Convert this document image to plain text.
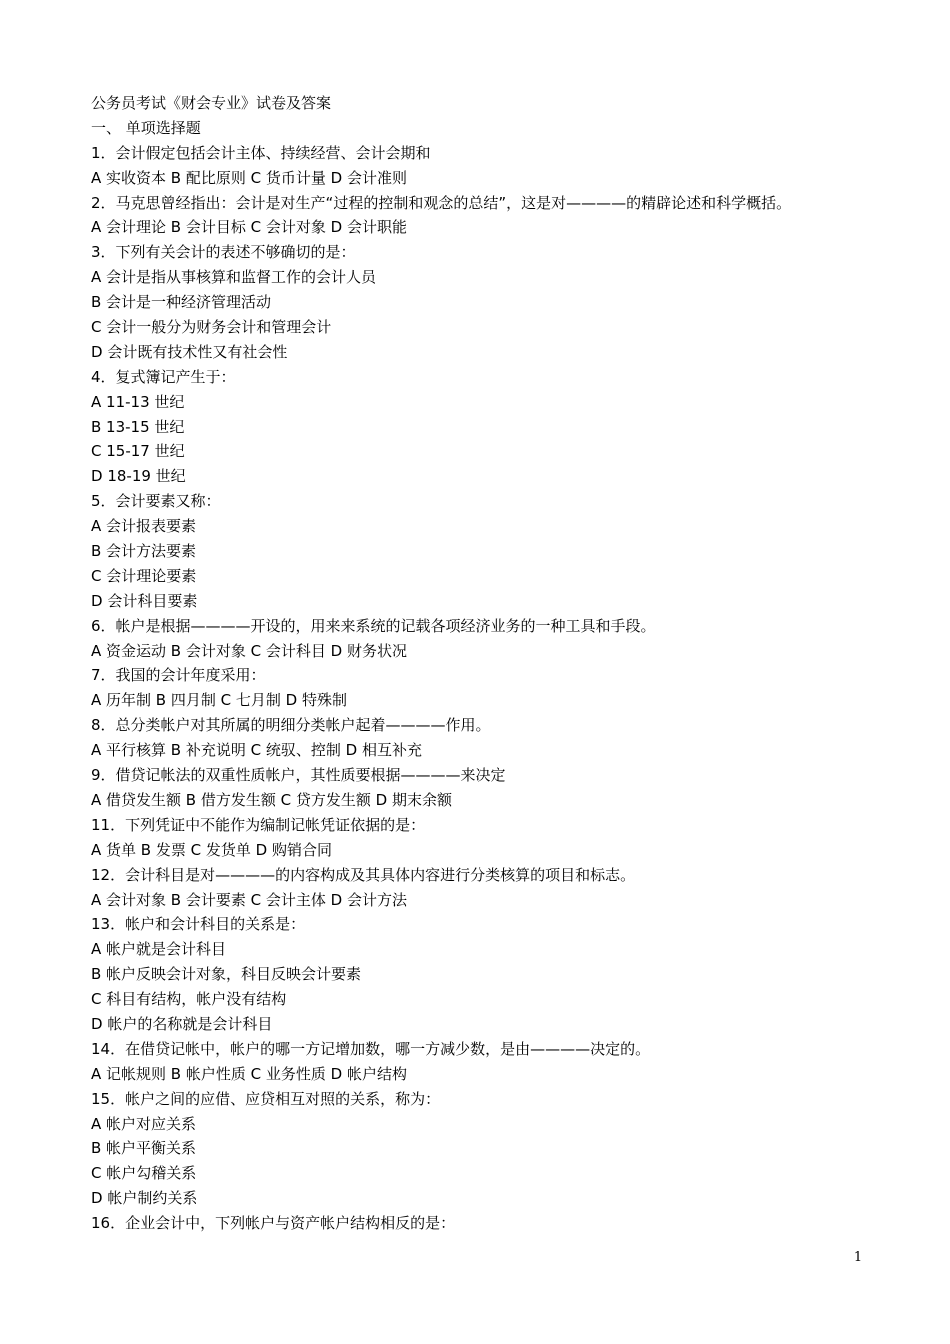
公务员考试《财会专业》试卷及答案
一、 单项选择题
1．会计假定包括会计主体、持续经营、会计会期和
A 实收资本 B 配比原则 C 货币计量 D 会计准则
2．马克思曾经指出：会计是对生产“过程的控制和观念的总结”，这是对————的精辟论述和科学概括。
A 会计理论 B 会计目标 C 会计对象 D 会计职能
3．下列有关会计的表述不够确切的是：
A 会计是指从事核算和监督工作的会计人员
B 会计是一种经济管理活动
C 会计一般分为财务会计和管理会计
D 会计既有技术性又有社会性
4．复式簿记产生于：
A 11-13 世纪
B 13-15 世纪
C 15-17 世纪
D 18-19 世纪
5．会计要素又称：
A 会计报表要素
B 会计方法要素
C 会计理论要素
D 会计科目要素
6．帐户是根据————开设的，用来来系统的记载各项经济业务的一种工具和手段。
A 资金运动 B 会计对象 C 会计科目 D 财务状况
7．我国的会计年度采用：
A 历年制 B 四月制 C 七月制 D 特殊制
8．总分类帐户对其所属的明细分类帐户起着————作用。
A 平行核算 B 补充说明 C 统驭、控制 D 相互补充
9．借贷记帐法的双重性质帐户，其性质要根据————来决定
A 借贷发生额 B 借方发生额 C 贷方发生额 D 期末余额
11．下列凭证中不能作为编制记帐凭证依据的是：
A 货单 B 发票 C 发货单 D 购销合同
12．会计科目是对————的内容构成及其具体内容进行分类核算的项目和标志。
A 会计对象 B 会计要素 C 会计主体 D 会计方法
13．帐户和会计科目的关系是：
A 帐户就是会计科目
B 帐户反映会计对象，科目反映会计要素
C 科目有结构，帐户没有结构
D 帐户的名称就是会计科目
14．在借贷记帐中，帐户的哪一方记增加数，哪一方减少数，是由————决定的。
A 记帐规则 B 帐户性质 C 业务性质 D 帐户结构
15．帐户之间的应借、应贷相互对照的关系，称为：
A 帐户对应关系
B 帐户平衡关系
C 帐户勾稽关系
D 帐户制约关系
16．企业会计中，下列帐户与资产帐户结构相反的是：
1
